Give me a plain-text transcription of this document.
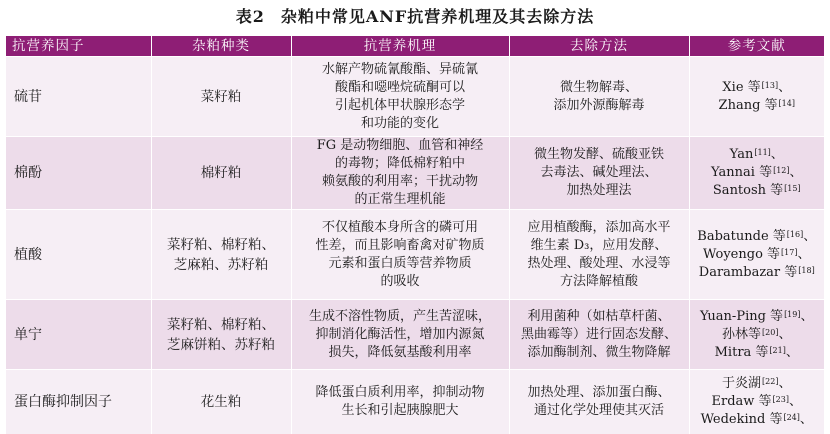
表2 杂粕中常见ANF抗营养机理及其去除方法
抗营养因子	杂粕种类	抗营养机理	去除方法	参考文献
硫苷	菜籽粕	水解产物硫氰酸酯、异硫氰
酸酯和噁唑烷硫酮可以
引起机体甲状腺形态学
和功能的变化	微生物解毒、
添加外源酶解毒	Xie 等[13]、
Zhang 等[14]

棉酚	棉籽粕	FG 是动物细胞、血管和神经
的毒物；降低棉籽粕中
赖氨酸的利用率；干扰动物
的正常生理机能	微生物发酵、硫酸亚铁
去毒法、碱处理法、
加热处理法	Yan[11]、
Yannai 等[12]、
Santosh 等[15]

植酸	菜籽粕、棉籽粕、
芝麻粕、苏籽粕	不仅植酸本身所含的磷可用
性差，而且影响畜禽对矿物质
元素和蛋白质等营养物质
的吸收	应用植酸酶，添加高水平
维生素 D₃，应用发酵、
热处理、酸处理、水浸等
方法降解植酸	Babatunde 等[16]、
Woyengo 等[17]、
Darambazar 等[18]

单宁	菜籽粕、棉籽粕、
芝麻饼粕、苏籽粕	生成不溶性物质，产生苦涩味，
抑制消化酶活性，增加内源氮
损失，降低氨基酸利用率	利用菌种（如枯草杆菌、
黑曲霉等）进行固态发酵、
添加酶制剂、微生物降解	Yuan-Ping 等[19]、
孙林等[20]、
Mitra 等[21]、

蛋白酶抑制因子	花生粕	降低蛋白质利用率，抑制动物
生长和引起胰腺肥大	加热处理、添加蛋白酶、
通过化学处理使其灭活	于炎湖[22]、
Erdaw 等[23]、
Wedekind 等[24]、
